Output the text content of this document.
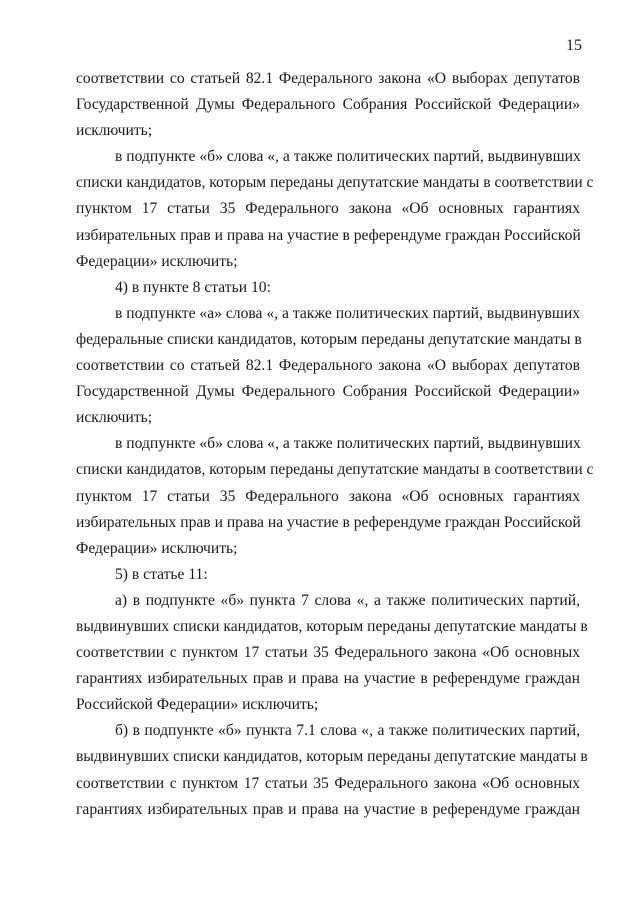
15
соответствии со статьей 82.1 Федерального закона «О выборах депутатов
Государственной Думы Федерального Собрания Российской Федерации»
исключить;
в подпункте «б» слова «, а также политических партий, выдвинувших
списки кандидатов, которым переданы депутатские мандаты в соответствии с
пунктом 17 статьи 35 Федерального закона «Об основных гарантиях
избирательных прав и права на участие в референдуме граждан Российской
Федерации» исключить;
4) в пункте 8 статьи 10:
в подпункте «а» слова «, а также политических партий, выдвинувших
федеральные списки кандидатов, которым переданы депутатские мандаты в
соответствии со статьей 82.1 Федерального закона «О выборах депутатов
Государственной Думы Федерального Собрания Российской Федерации»
исключить;
в подпункте «б» слова «, а также политических партий, выдвинувших
списки кандидатов, которым переданы депутатские мандаты в соответствии с
пунктом 17 статьи 35 Федерального закона «Об основных гарантиях
избирательных прав и права на участие в референдуме граждан Российской
Федерации» исключить;
5) в статье 11:
а) в подпункте «б» пункта 7 слова «, а также политических партий,
выдвинувших списки кандидатов, которым переданы депутатские мандаты в
соответствии с пунктом 17 статьи 35 Федерального закона «Об основных
гарантиях избирательных прав и права на участие в референдуме граждан
Российской Федерации» исключить;
б) в подпункте «б» пункта 7.1 слова «, а также политических партий,
выдвинувших списки кандидатов, которым переданы депутатские мандаты в
соответствии с пунктом 17 статьи 35 Федерального закона «Об основных
гарантиях избирательных прав и права на участие в референдуме граждан
